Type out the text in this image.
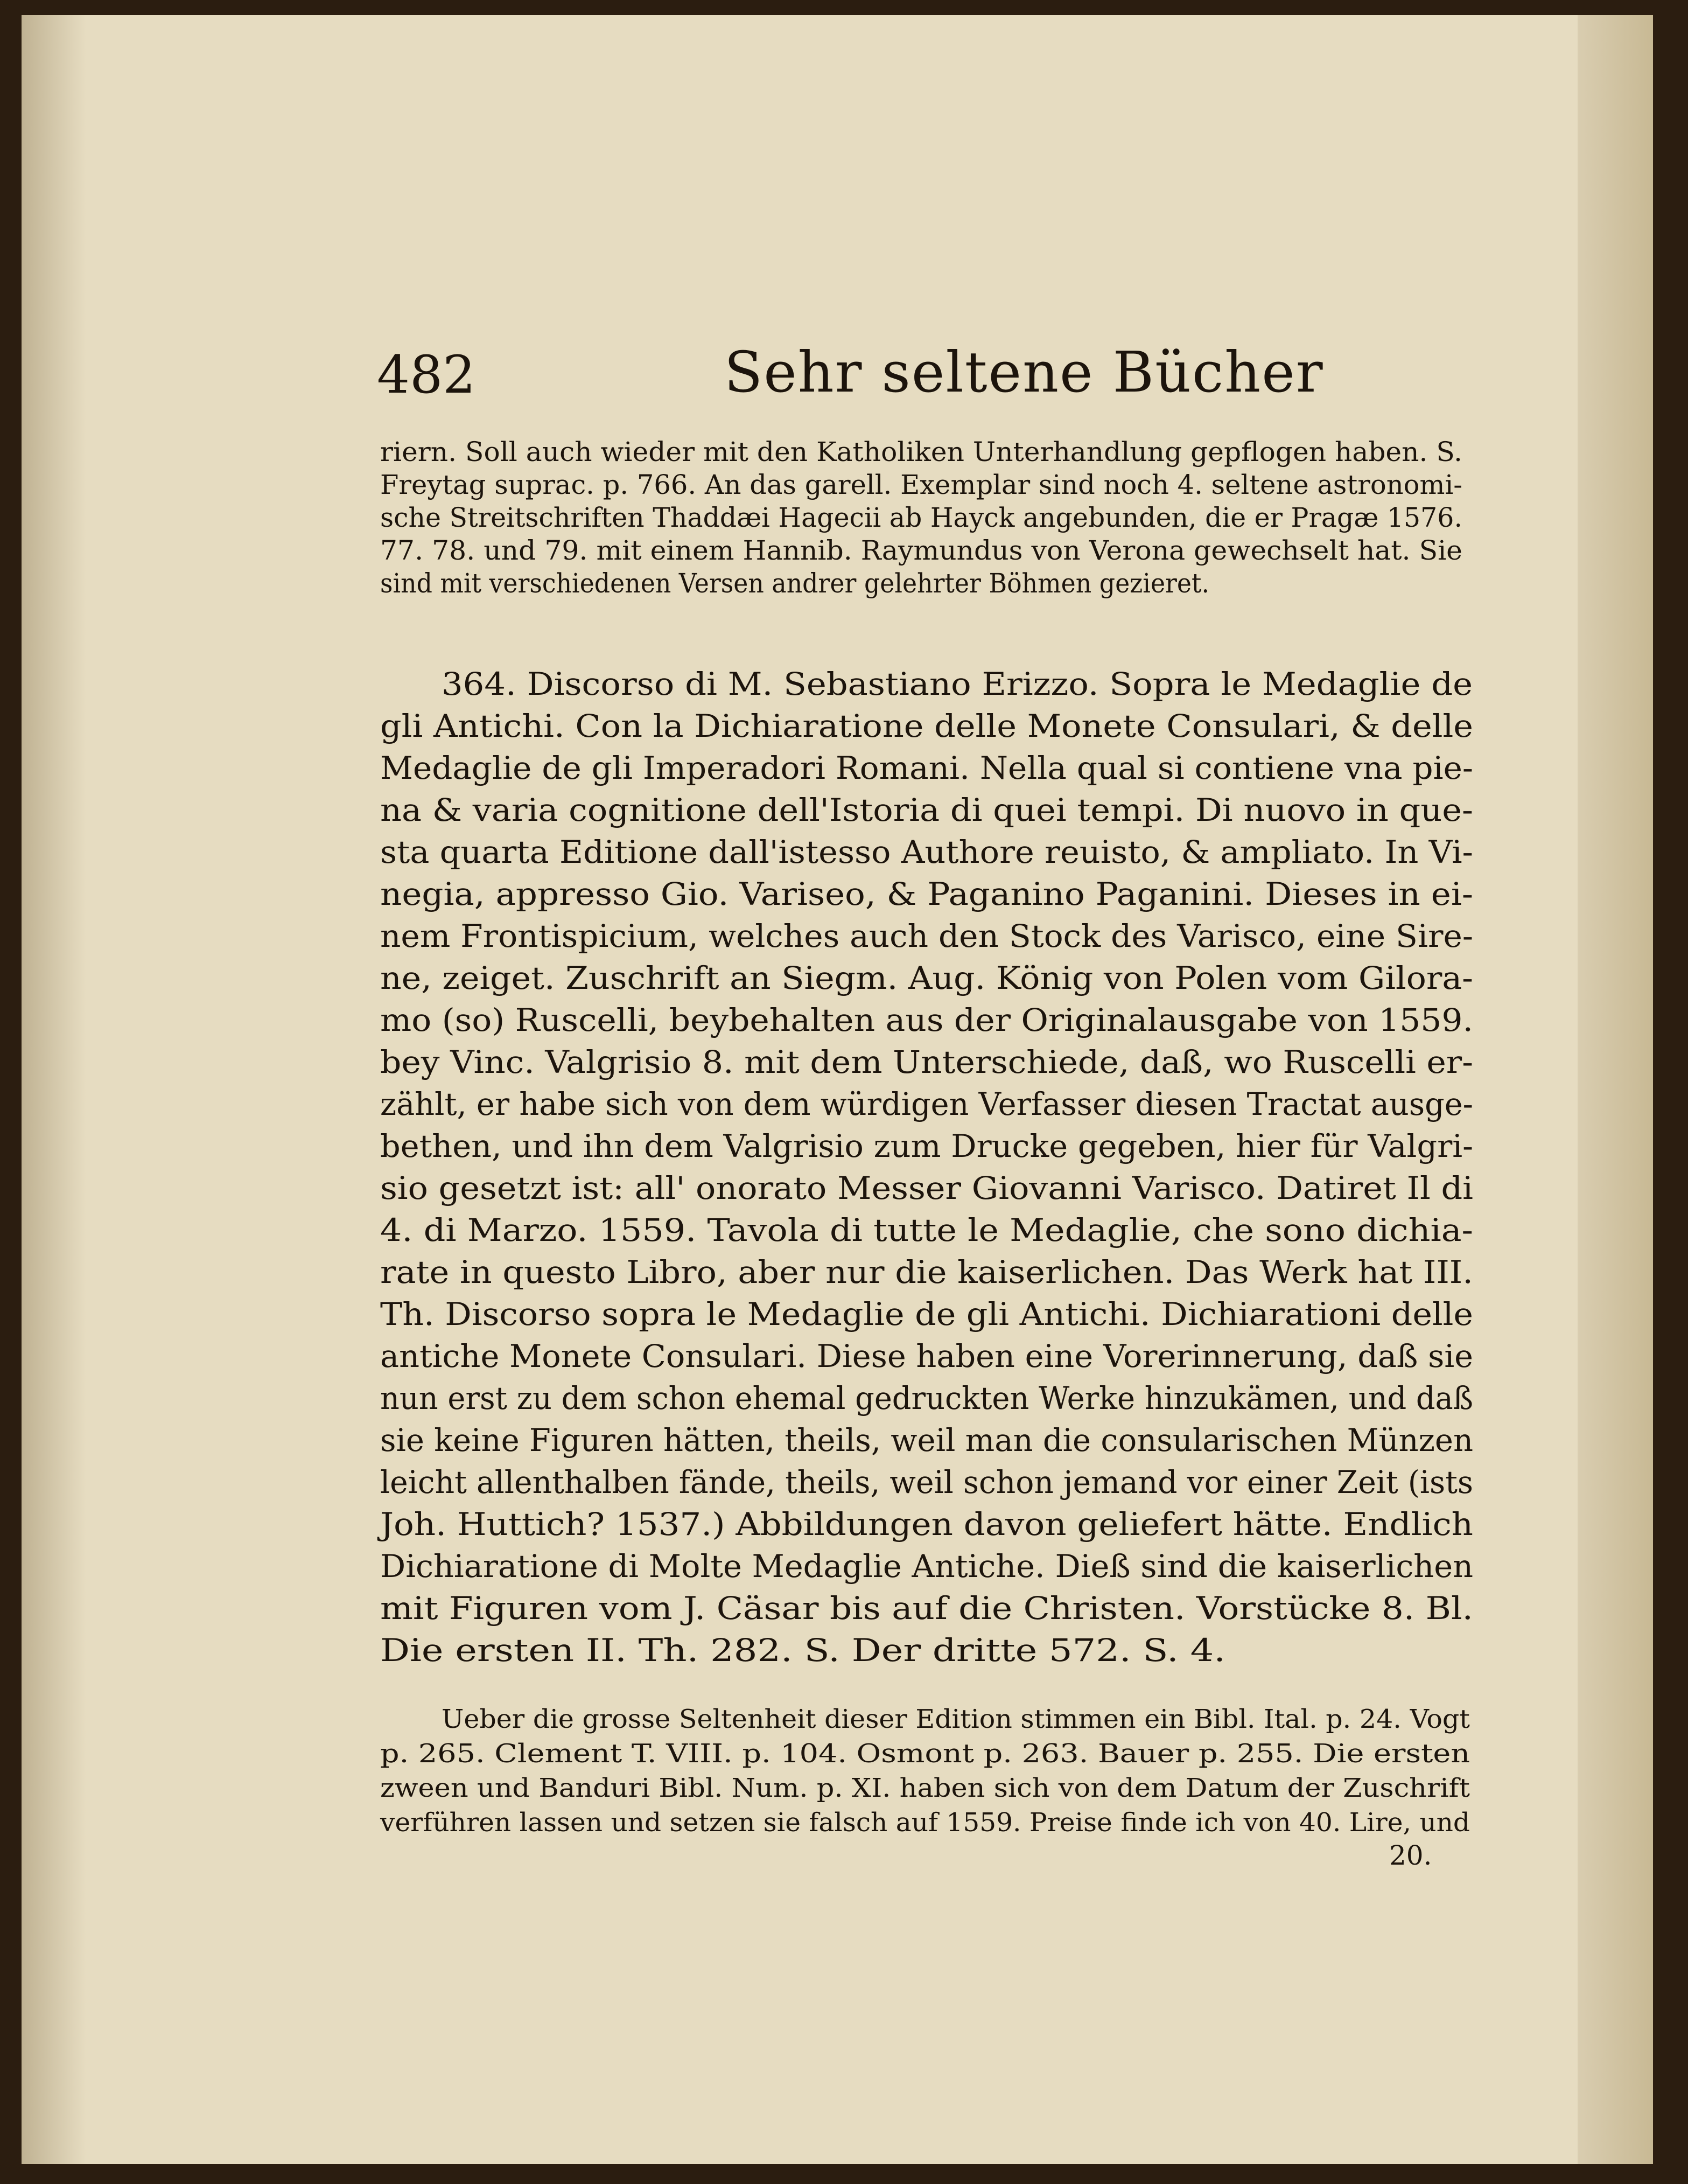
482	Sehr seltene Bücher
riern. Soll auch wieder mit den Katholiken Unterhandlung gepflogen haben. S.
Freytag suprac. p. 766. An das garell. Exemplar sind noch 4. seltene astronomi-
sche Streitschriften Thaddæi Hagecii ab Hayck angebunden, die er Pragæ 1576.
77. 78. und 79. mit einem Hannib. Raymundus von Verona gewechselt hat. Sie
sind mit verschiedenen Versen andrer gelehrter Böhmen gezieret.
364. Discorso di M. Sebastiano Erizzo. Sopra le Medaglie de
gli Antichi. Con la Dichiaratione delle Monete Consulari, & delle
Medaglie de gli Imperadori Romani. Nella qual si contiene vna pie-
na & varia cognitione dell'Istoria di quei tempi. Di nuovo in que-
sta quarta Editione dall'istesso Authore reuisto, & ampliato. In Vi-
negia, appresso Gio. Variseo, & Paganino Paganini. Dieses in ei-
nem Frontispicium, welches auch den Stock des Varisco, eine Sire-
ne, zeiget. Zuschrift an Siegm. Aug. König von Polen vom Gilora-
mo (so) Ruscelli, beybehalten aus der Originalausgabe von 1559.
bey Vinc. Valgrisio 8. mit dem Unterschiede, daß, wo Ruscelli er-
zählt, er habe sich von dem würdigen Verfasser diesen Tractat ausge-
bethen, und ihn dem Valgrisio zum Drucke gegeben, hier für Valgri-
sio gesetzt ist: all' onorato Messer Giovanni Varisco. Datiret Il di
4. di Marzo. 1559. Tavola di tutte le Medaglie, che sono dichia-
rate in questo Libro, aber nur die kaiserlichen. Das Werk hat III.
Th. Discorso sopra le Medaglie de gli Antichi. Dichiarationi delle
antiche Monete Consulari. Diese haben eine Vorerinnerung, daß sie
nun erst zu dem schon ehemal gedruckten Werke hinzukämen, und daß
sie keine Figuren hätten, theils, weil man die consularischen Münzen
leicht allenthalben fände, theils, weil schon jemand vor einer Zeit (ists
Joh. Huttich? 1537.) Abbildungen davon geliefert hätte. Endlich
Dichiaratione di Molte Medaglie Antiche. Dieß sind die kaiserlichen
mit Figuren vom J. Cäsar bis auf die Christen. Vorstücke 8. Bl.
Die ersten II. Th. 282. S. Der dritte 572. S. 4.
Ueber die grosse Seltenheit dieser Edition stimmen ein Bibl. Ital. p. 24. Vogt
p. 265. Clement T. VIII. p. 104. Osmont p. 263. Bauer p. 255. Die ersten
zween und Banduri Bibl. Num. p. XI. haben sich von dem Datum der Zuschrift
verführen lassen und setzen sie falsch auf 1559. Preise finde ich von 40. Lire, und
20.
